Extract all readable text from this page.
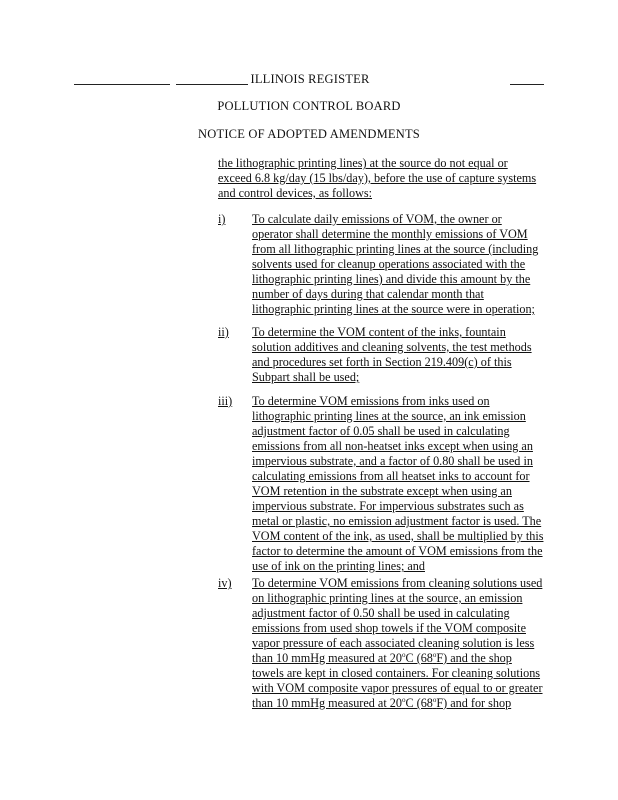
ILLINOIS REGISTER
POLLUTION CONTROL BOARD
NOTICE OF ADOPTED AMENDMENTS

the lithographic printing lines) at the source do not equal or exceed 6.8 kg/day (15 lbs/day), before the use of capture systems and control devices, as follows:

i) To calculate daily emissions of VOM, the owner or operator shall determine the monthly emissions of VOM from all lithographic printing lines at the source (including solvents used for cleanup operations associated with the lithographic printing lines) and divide this amount by the number of days during that calendar month that lithographic printing lines at the source were in operation;

ii) To determine the VOM content of the inks, fountain solution additives and cleaning solvents, the test methods and procedures set forth in Section 219.409(c) of this Subpart shall be used;

iii) To determine VOM emissions from inks used on lithographic printing lines at the source, an ink emission adjustment factor of 0.05 shall be used in calculating emissions from all non-heatset inks except when using an impervious substrate, and a factor of 0.80 shall be used in calculating emissions from all heatset inks to account for VOM retention in the substrate except when using an impervious substrate. For impervious substrates such as metal or plastic, no emission adjustment factor is used. The VOM content of the ink, as used, shall be multiplied by this factor to determine the amount of VOM emissions from the use of ink on the printing lines; and

iv) To determine VOM emissions from cleaning solutions used on lithographic printing lines at the source, an emission adjustment factor of 0.50 shall be used in calculating emissions from used shop towels if the VOM composite vapor pressure of each associated cleaning solution is less than 10 mmHg measured at 20$^o$C (68$^o$F) and the shop towels are kept in closed containers. For cleaning solutions with VOM composite vapor pressures of equal to or greater than 10 mmHg measured at 20$^o$C (68$^o$F) and for shop
